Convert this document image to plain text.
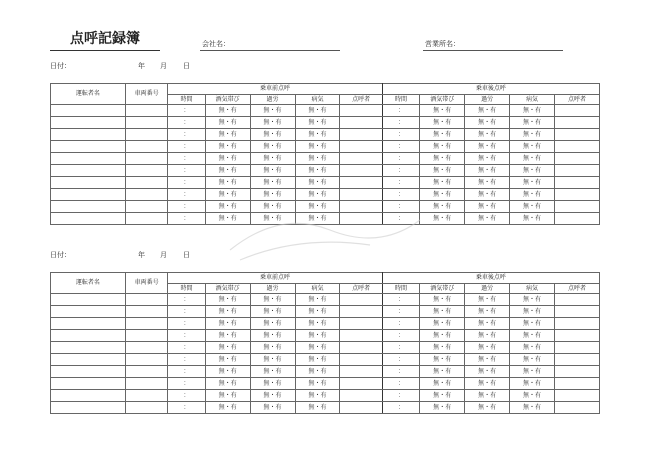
点呼記録簿	会社名：	営業所名：
日付：	年 月 日
運転者名	車両番号	乗車前点呼					乗車後点呼				
		時間	酒気帯び	過労	病気	点呼者	時間	酒気帯び	過労	病気	点呼者
		：	無・有	無・有	無・有		：	無・有	無・有	無・有	
		：	無・有	無・有	無・有		：	無・有	無・有	無・有	
		：	無・有	無・有	無・有		：	無・有	無・有	無・有	
		：	無・有	無・有	無・有		：	無・有	無・有	無・有	
		：	無・有	無・有	無・有		：	無・有	無・有	無・有	
		：	無・有	無・有	無・有		：	無・有	無・有	無・有	
		：	無・有	無・有	無・有		：	無・有	無・有	無・有	
		：	無・有	無・有	無・有		：	無・有	無・有	無・有	
		：	無・有	無・有	無・有		：	無・有	無・有	無・有	
		：	無・有	無・有	無・有		：	無・有	無・有	無・有	
日付：	年 月 日
運転者名	車両番号	乗車前点呼					乗車後点呼				
		時間	酒気帯び	過労	病気	点呼者	時間	酒気帯び	過労	病気	点呼者
		：	無・有	無・有	無・有		：	無・有	無・有	無・有	
		：	無・有	無・有	無・有		：	無・有	無・有	無・有	
		：	無・有	無・有	無・有		：	無・有	無・有	無・有	
		：	無・有	無・有	無・有		：	無・有	無・有	無・有	
		：	無・有	無・有	無・有		：	無・有	無・有	無・有	
		：	無・有	無・有	無・有		：	無・有	無・有	無・有	
		：	無・有	無・有	無・有		：	無・有	無・有	無・有	
		：	無・有	無・有	無・有		：	無・有	無・有	無・有	
		：	無・有	無・有	無・有		：	無・有	無・有	無・有	
		：	無・有	無・有	無・有		：	無・有	無・有	無・有	
